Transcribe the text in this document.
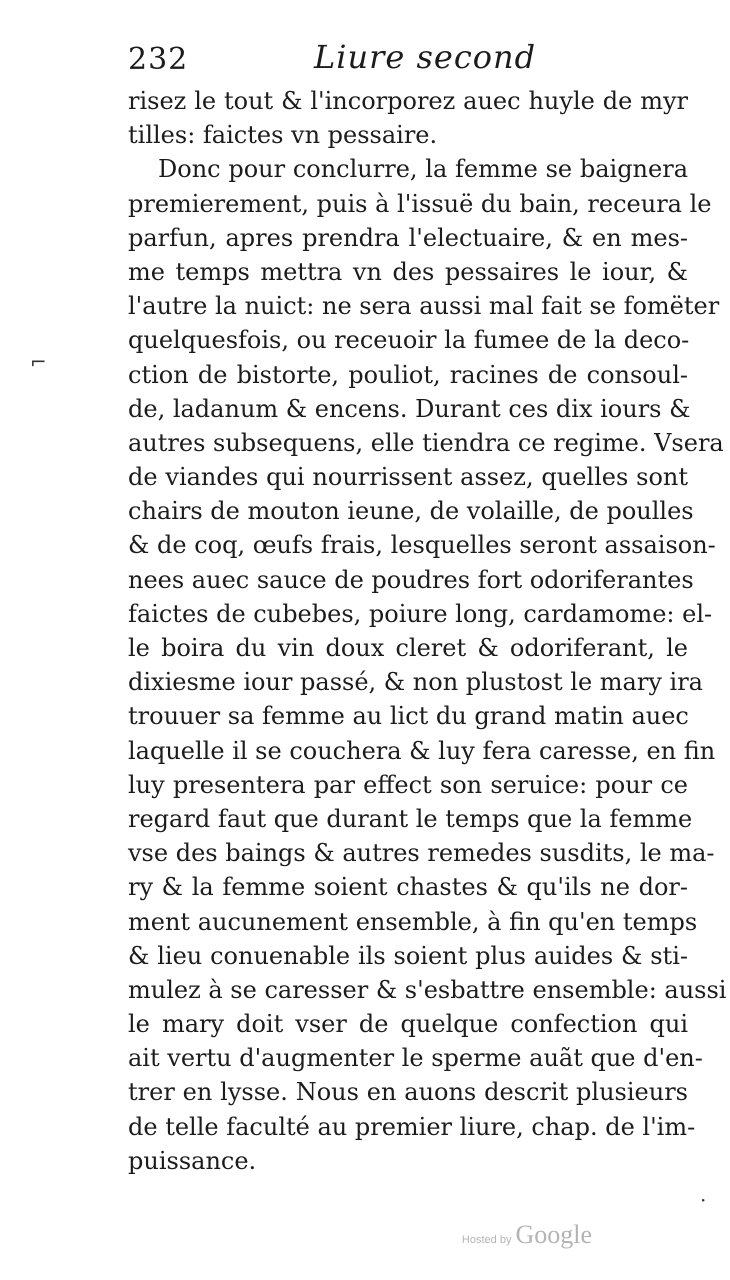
232	Liure second
⌐
·
risez le tout & l'incorporez auec huyle de myr
tilles: faictes vn pessaire.
Donc pour conclurre, la femme se baignera
premierement, puis à l'issuë du bain, receura le
parfun, apres prendra l'electuaire, & en mes-
me temps mettra vn des pessaires le iour, &
l'autre la nuict: ne sera aussi mal fait se fomëter
quelquesfois, ou receuoir la fumee de la deco-
ction de bistorte, pouliot, racines de consoul-
de, ladanum & encens. Durant ces dix iours &
autres subsequens, elle tiendra ce regime. Vsera
de viandes qui nourrissent assez, quelles sont
chairs de mouton ieune, de volaille, de poulles
& de coq, œufs frais, lesquelles seront assaison-
nees auec sauce de poudres fort odoriferantes
faictes de cubebes, poiure long, cardamome: el-
le boira du vin doux cleret & odoriferant, le
dixiesme iour passé, & non plustost le mary ira
trouuer sa femme au lict du grand matin auec
laquelle il se couchera & luy fera caresse, en fin
luy presentera par effect son seruice: pour ce
regard faut que durant le temps que la femme
vse des baings & autres remedes susdits, le ma-
ry & la femme soient chastes & qu'ils ne dor-
ment aucunement ensemble, à fin qu'en temps
& lieu conuenable ils soient plus auides & sti-
mulez à se caresser & s'esbattre ensemble: aussi
le mary doit vser de quelque confection qui
ait vertu d'augmenter le sperme auãt que d'en-
trer en lysse. Nous en auons descrit plusieurs
de telle faculté au premier liure, chap. de l'im-
puissance.
Hosted by Google
